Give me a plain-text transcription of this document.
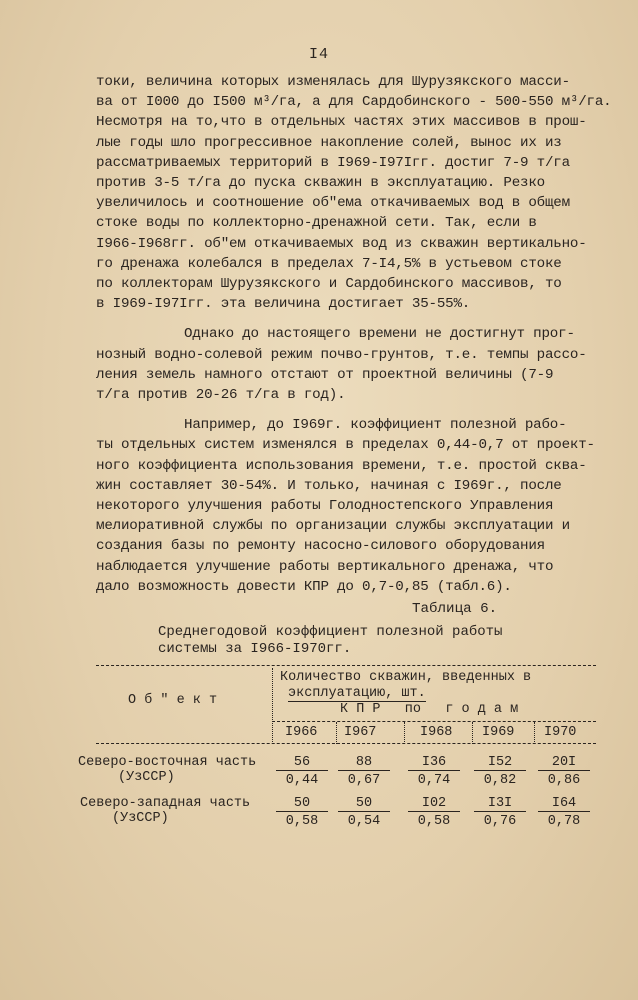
I4
токи, величина которых изменялась для Шурузякского масси-
ва от I000 до I500 м³/га, а для Сардобинского - 500-550 м³/га.
Несмотря на то,что в отдельных частях этих массивов в прош-
лые годы шло прогрессивное накопление солей, вынос их из
рассматриваемых территорий в I969-I97Iгг. достиг 7-9 т/га
против 3-5 т/га до пуска скважин в эксплуатацию. Резко
увеличилось и соотношение об"ема откачиваемых вод в общем
стоке воды по коллекторно-дренажной сети. Так, если в
I966-I968гг. об"ем откачиваемых вод из скважин вертикально-
го дренажа колебался в пределах 7-I4,5% в устьевом стоке
по коллекторам Шурузякского и Сардобинского массивов, то
в I969-I97Iгг. эта величина достигает 35-55%.
Однако до настоящего времени не достигнут прог-
нозный водно-солевой режим почво-грунтов, т.е. темпы рассо-
ления земель намного отстают от проектной величины (7-9
т/га против 20-26 т/га в год).
Например, до I969г. коэффициент полезной рабо-
ты отдельных систем изменялся в пределах 0,44-0,7 от проект-
ного коэффициента использования времени, т.е. простой сква-
жин составляет 30-54%. И только, начиная с I969г., после
некоторого улучшения работы Голодностепского Управления
мелиоративной службы по организации службы эксплуатации и
создания базы по ремонту насосно-силового оборудования
наблюдается улучшение работы вертикального дренажа, что
дало возможность довести КПР до 0,7-0,85 (табл.6).
Таблица 6.
Среднегодовой коэффициент полезной работы
системы за I966-I970гг.
О б " е к т
Количество скважин, введенных в
эксплуатацию, шт.
К П Р   по   г о д а м
I966 I967	I968 I969 I970
Северо-восточная часть
(УзССР)
56	88	I36	I52	20I
0,44	0,67	0,74	0,82	0,86
Северо-западная часть
(УзССР)
50	50	I02	I3I	I64
0,58	0,54	0,58	0,76	0,78
